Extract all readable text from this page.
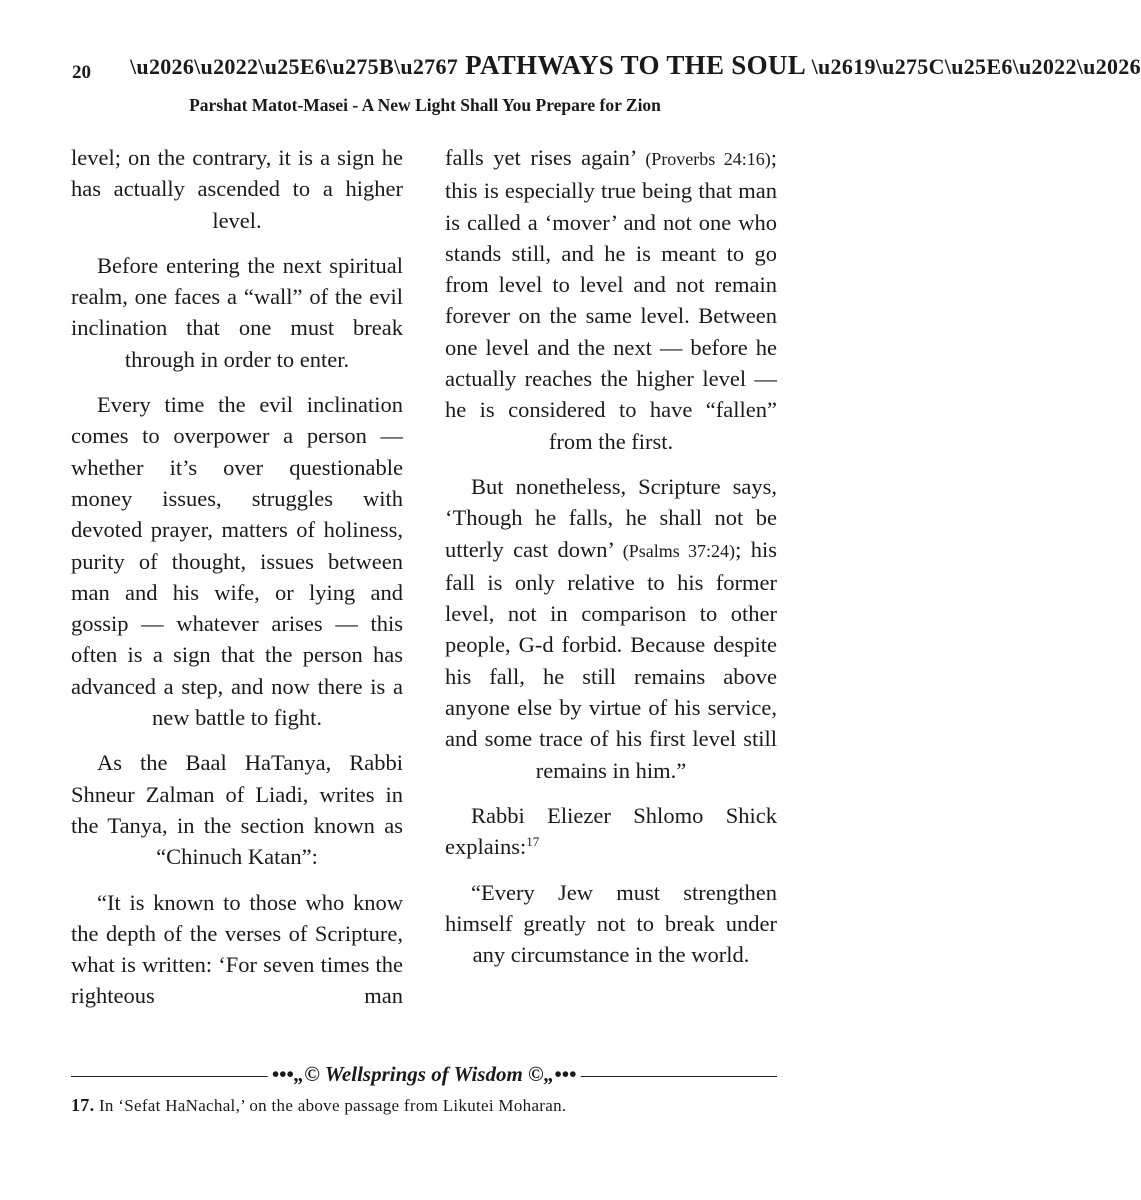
20 \u2026\u2022\u25E6\u275B\u2767 PATHWAYS TO THE SOUL \u2619\u275C\u25E6\u2022\u2026
Parshat Matot-Masei - A New Light Shall You Prepare for Zion

level; on the contrary, it is a sign he has actually ascended to a higher level.

Before entering the next spiritual realm, one faces a “wall” of the evil inclination that one must break through in order to enter.

Every time the evil inclination comes to overpower a person — whether it’s over questionable money issues, struggles with devoted prayer, matters of holiness, purity of thought, issues between man and his wife, or lying and gossip — whatever arises — this often is a sign that the person has advanced a step, and now there is a new battle to fight.

As the Baal HaTanya, Rabbi Shneur Zalman of Liadi, writes in the Tanya, in the section known as “Chinuch Katan”:

“It is known to those who know the depth of the verses of Scripture, what is written: ‘For seven times the righteous man

falls yet rises again’ (Proverbs 24:16); this is especially true being that man is called a ‘mover’ and not one who stands still, and he is meant to go from level to level and not remain forever on the same level. Between one level and the next — before he actually reaches the higher level — he is considered to have “fallen” from the first.

But nonetheless, Scripture says, ‘Though he falls, he shall not be utterly cast down’ (Psalms 37:24); his fall is only relative to his former level, not in comparison to other people, G-d forbid. Because despite his fall, he still remains above anyone else by virtue of his service, and some trace of his first level still remains in him.”

Rabbi Eliezer Shlomo Shick explains:$^{17}$

“Every Jew must strengthen himself greatly not to break under any circumstance in the world.

•••„© Wellsprings of Wisdom ©„•••
17. In ‘Sefat HaNachal,’ on the above passage from Likutei Moharan.
